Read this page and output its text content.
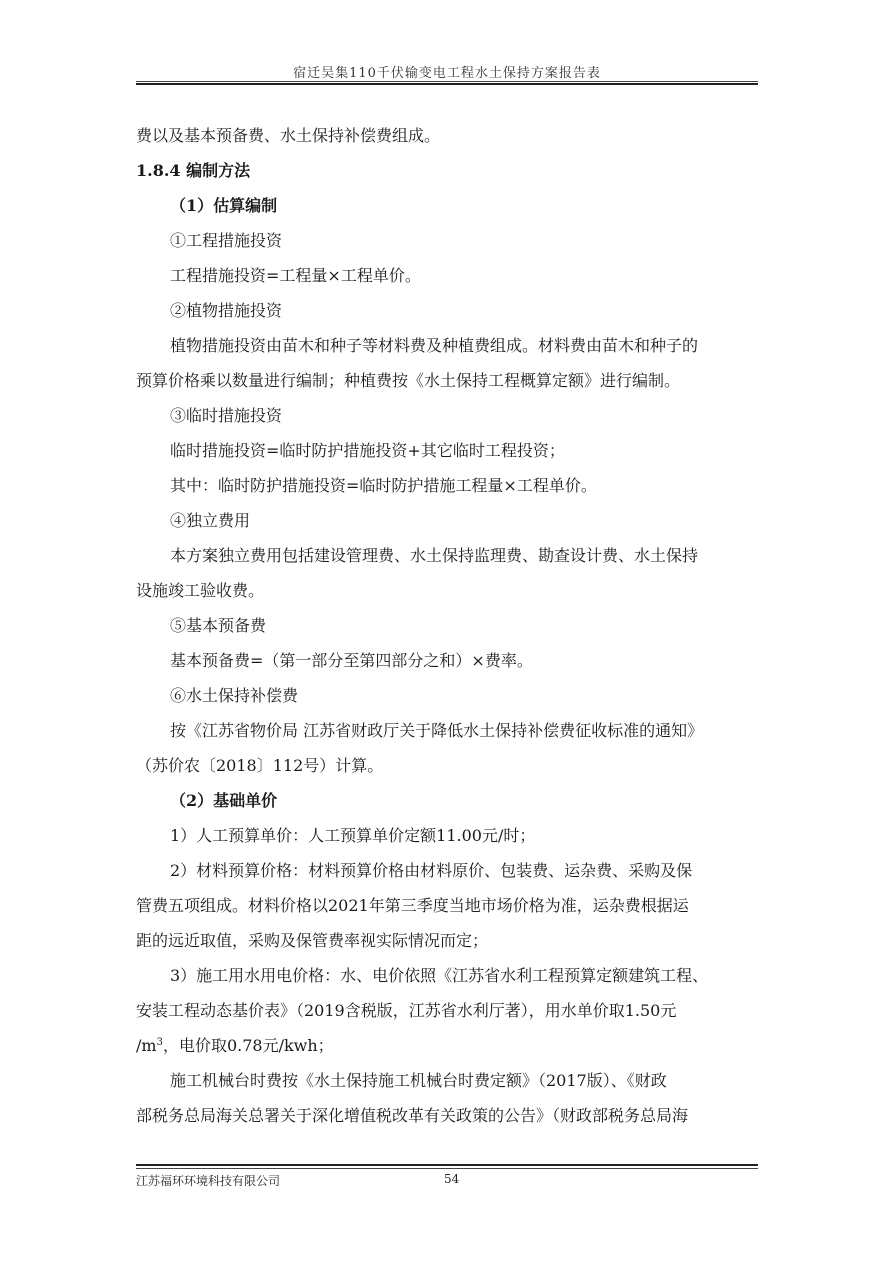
宿迁吴集110千伏输变电工程水土保持方案报告表
费以及基本预备费、水土保持补偿费组成。
1.8.4 编制方法
（1）估算编制
①工程措施投资
工程措施投资=工程量×工程单价。
②植物措施投资
植物措施投资由苗木和种子等材料费及种植费组成。材料费由苗木和种子的
预算价格乘以数量进行编制；种植费按《水土保持工程概算定额》进行编制。
③临时措施投资
临时措施投资=临时防护措施投资+其它临时工程投资；
其中：临时防护措施投资=临时防护措施工程量×工程单价。
④独立费用
本方案独立费用包括建设管理费、水土保持监理费、勘查设计费、水土保持
设施竣工验收费。
⑤基本预备费
基本预备费=（第一部分至第四部分之和）×费率。
⑥水土保持补偿费
按《江苏省物价局 江苏省财政厅关于降低水土保持补偿费征收标准的通知》
（苏价农〔2018〕112号）计算。
（2）基础单价
1）人工预算单价：人工预算单价定额11.00元/时；
2）材料预算价格：材料预算价格由材料原价、包装费、运杂费、采购及保
管费五项组成。材料价格以2021年第三季度当地市场价格为准，运杂费根据运
距的远近取值，采购及保管费率视实际情况而定；
3）施工用水用电价格：水、电价依照《江苏省水利工程预算定额建筑工程、
安装工程动态基价表》（2019含税版，江苏省水利厅著），用水单价取1.50元
$/m^3$，电价取0.78元/kwh；
施工机械台时费按《水土保持施工机械台时费定额》（2017版）、《财政
部税务总局海关总署关于深化增值税改革有关政策的公告》（财政部税务总局海
江苏福环环境科技有限公司	54
